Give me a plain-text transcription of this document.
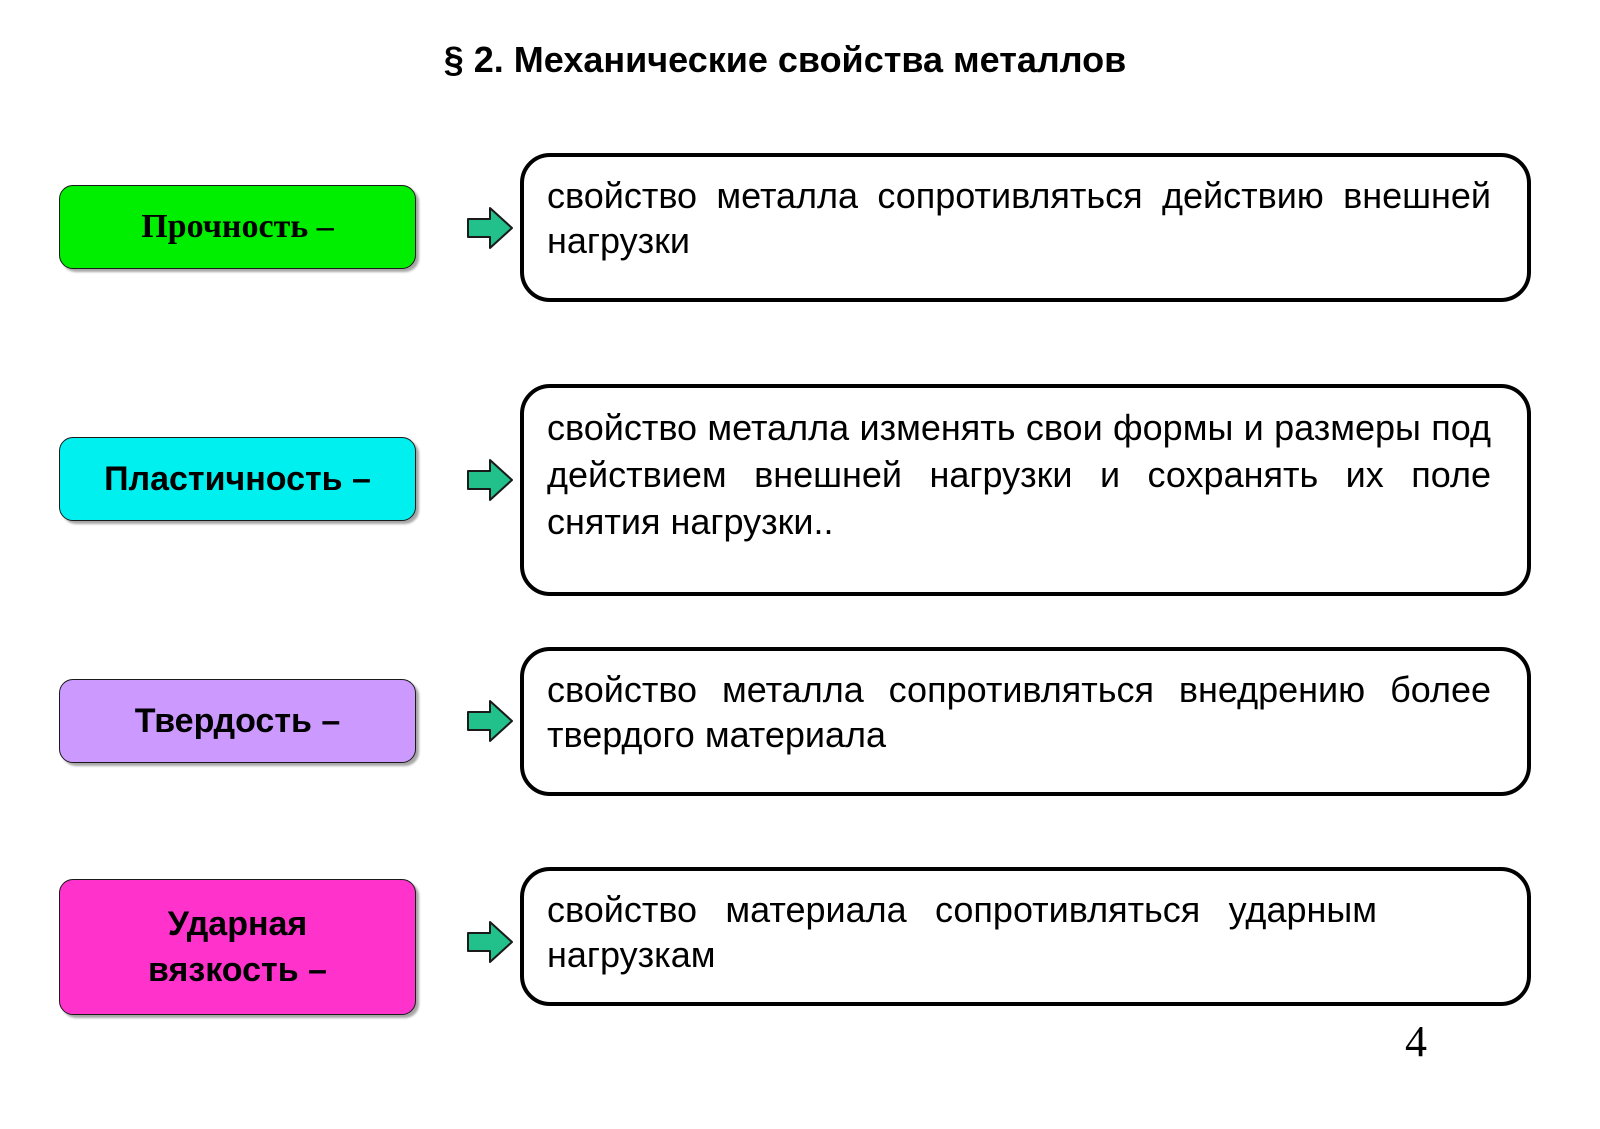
§ 2. Механические свойства металлов
Прочность –
свойство металла сопротивляться действию внешней нагрузки
Пластичность –
свойство металла изменять свои формы и размеры под действием внешней нагрузки и сохранять их поле снятия нагрузки..
Твердость –
свойство металла сопротивляться внедрению более твердого материала
Ударная вязкость –
свойство материала сопротивляться ударным нагрузкам
4
